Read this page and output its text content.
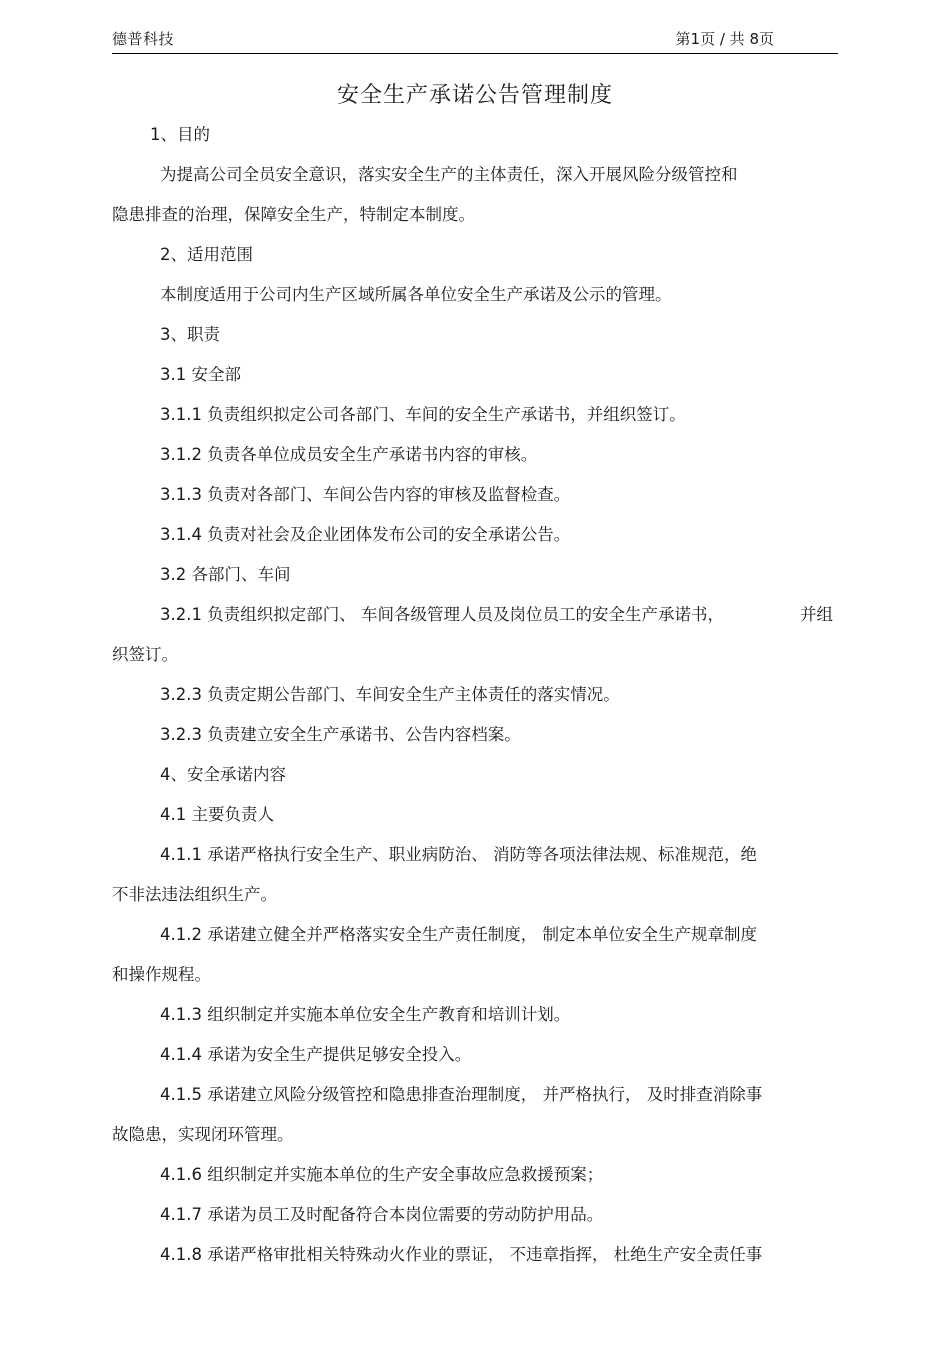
德普科技	第1页 / 共 8页
安全生产承诺公告管理制度
1、目的
为提高公司全员安全意识，落实安全生产的主体责任，深入开展风险分级管控和
隐患排查的治理，保障安全生产，特制定本制度。
2、适用范围
本制度适用于公司内生产区域所属各单位安全生产承诺及公示的管理。
3、职责
3.1 安全部
3.1.1 负责组织拟定公司各部门、车间的安全生产承诺书，并组织签订。
3.1.2 负责各单位成员安全生产承诺书内容的审核。
3.1.3 负责对各部门、车间公告内容的审核及监督检查。
3.1.4 负责对社会及企业团体发布公司的安全承诺公告。
3.2 各部门、车间
3.2.1 负责组织拟定部门、 车间各级管理人员及岗位员工的安全生产承诺书，	并组
织签订。
3.2.3 负责定期公告部门、车间安全生产主体责任的落实情况。
3.2.3 负责建立安全生产承诺书、公告内容档案。
4、安全承诺内容
4.1 主要负责人
4.1.1 承诺严格执行安全生产、职业病防治、 消防等各项法律法规、标准规范，绝
不非法违法组织生产。
4.1.2 承诺建立健全并严格落实安全生产责任制度， 制定本单位安全生产规章制度
和操作规程。
4.1.3 组织制定并实施本单位安全生产教育和培训计划。
4.1.4 承诺为安全生产提供足够安全投入。
4.1.5 承诺建立风险分级管控和隐患排查治理制度， 并严格执行， 及时排查消除事
故隐患，实现闭环管理。
4.1.6 组织制定并实施本单位的生产安全事故应急救援预案；
4.1.7 承诺为员工及时配备符合本岗位需要的劳动防护用品。
4.1.8 承诺严格审批相关特殊动火作业的票证， 不违章指挥， 杜绝生产安全责任事
